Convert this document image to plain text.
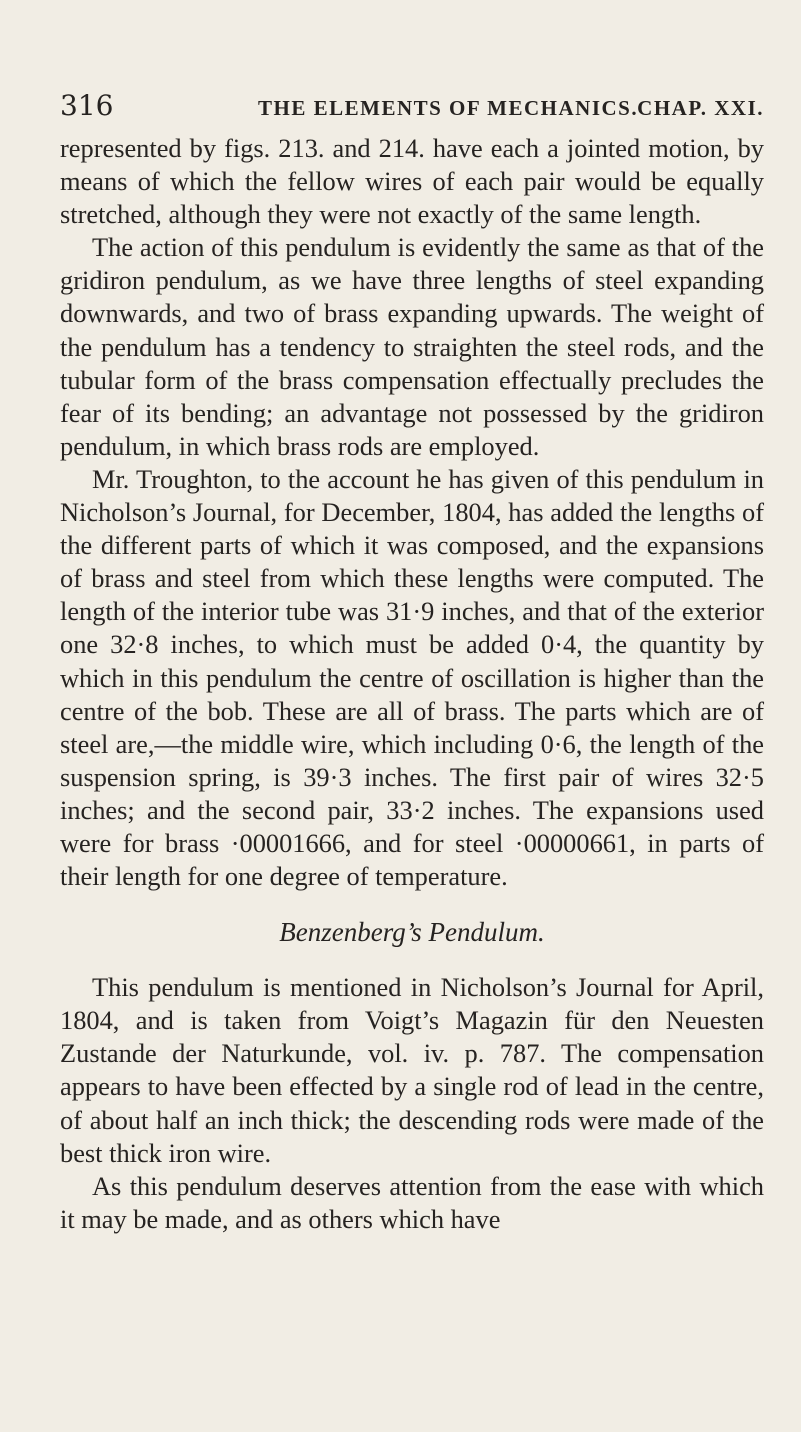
316	THE ELEMENTS OF MECHANICS. CHAP. XXI.

represented by figs. 213. and 214. have each a jointed motion, by means of which the fellow wires of each pair would be equally stretched, although they were not exactly of the same length.

The action of this pendulum is evidently the same as that of the gridiron pendulum, as we have three lengths of steel expanding downwards, and two of brass expanding upwards. The weight of the pendulum has a tendency to straighten the steel rods, and the tubular form of the brass compensation effectually precludes the fear of its bending; an advantage not possessed by the gridiron pendulum, in which brass rods are employed.

Mr. Troughton, to the account he has given of this pendulum in Nicholson’s Journal, for December, 1804, has added the lengths of the different parts of which it was composed, and the expansions of brass and steel from which these lengths were computed. The length of the interior tube was 31·9 inches, and that of the exterior one 32·8 inches, to which must be added 0·4, the quantity by which in this pendulum the centre of oscillation is higher than the centre of the bob. These are all of brass. The parts which are of steel are,—the middle wire, which including 0·6, the length of the suspension spring, is 39·3 inches. The first pair of wires 32·5 inches; and the second pair, 33·2 inches. The expansions used were for brass ·00001666, and for steel ·00000661, in parts of their length for one degree of temperature.

Benzenberg’s Pendulum.

This pendulum is mentioned in Nicholson’s Journal for April, 1804, and is taken from Voigt’s Magazin für den Neuesten Zustande der Naturkunde, vol. iv. p. 787. The compensation appears to have been effected by a single rod of lead in the centre, of about half an inch thick; the descending rods were made of the best thick iron wire.

As this pendulum deserves attention from the ease with which it may be made, and as others which have
